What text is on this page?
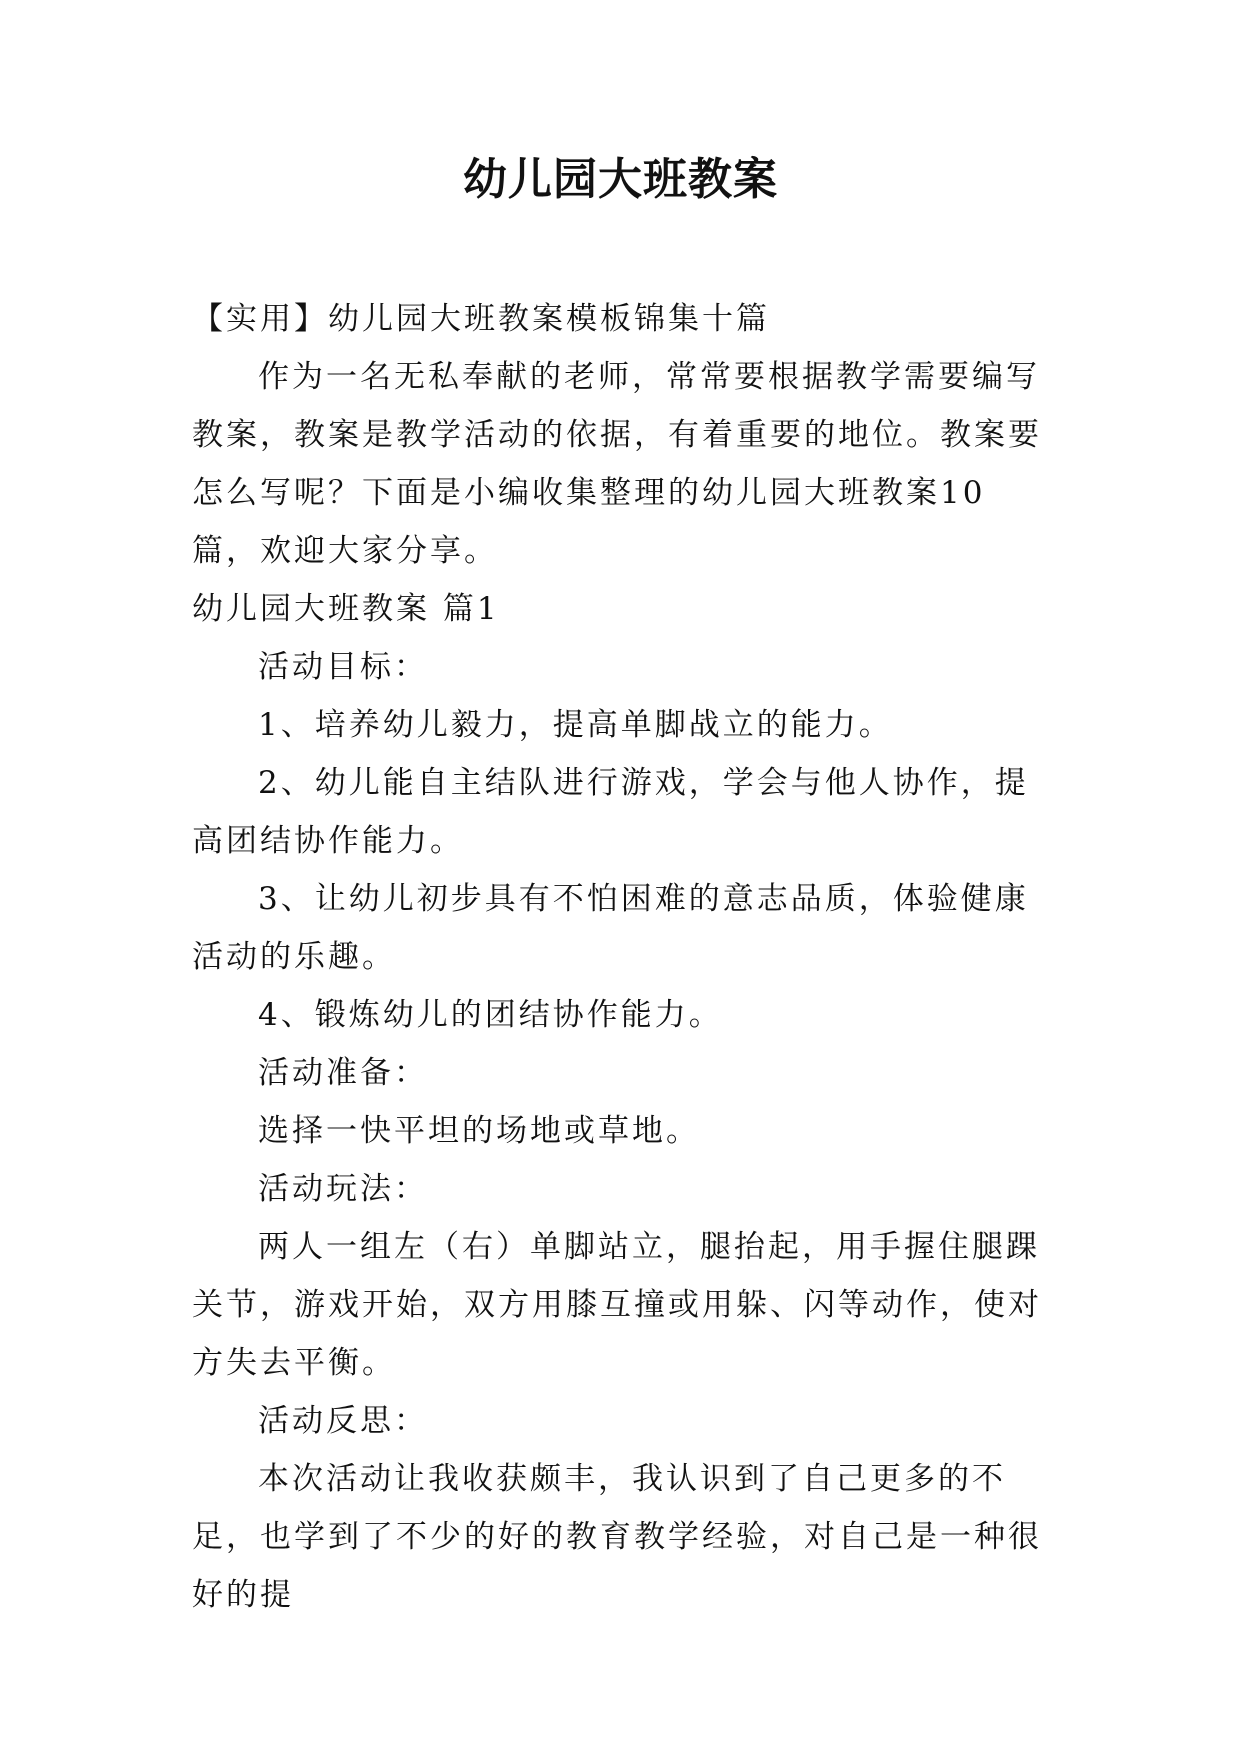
幼儿园大班教案

【实用】幼儿园大班教案模板锦集十篇

作为一名无私奉献的老师，常常要根据教学需要编写教案，教案是教学活动的依据，有着重要的地位。教案要怎么写呢？下面是小编收集整理的幼儿园大班教案10篇，欢迎大家分享。

幼儿园大班教案 篇1

活动目标：

1、培养幼儿毅力，提高单脚战立的能力。

2、幼儿能自主结队进行游戏，学会与他人协作，提高团结协作能力。

3、让幼儿初步具有不怕困难的意志品质，体验健康活动的乐趣。

4、锻炼幼儿的团结协作能力。

活动准备：

选择一快平坦的场地或草地。

活动玩法：

两人一组左（右）单脚站立，腿抬起，用手握住腿踝关节，游戏开始，双方用膝互撞或用躲、闪等动作，使对方失去平衡。

活动反思：

本次活动让我收获颇丰，我认识到了自己更多的不足，也学到了不少的好的教育教学经验，对自己是一种很好的提
